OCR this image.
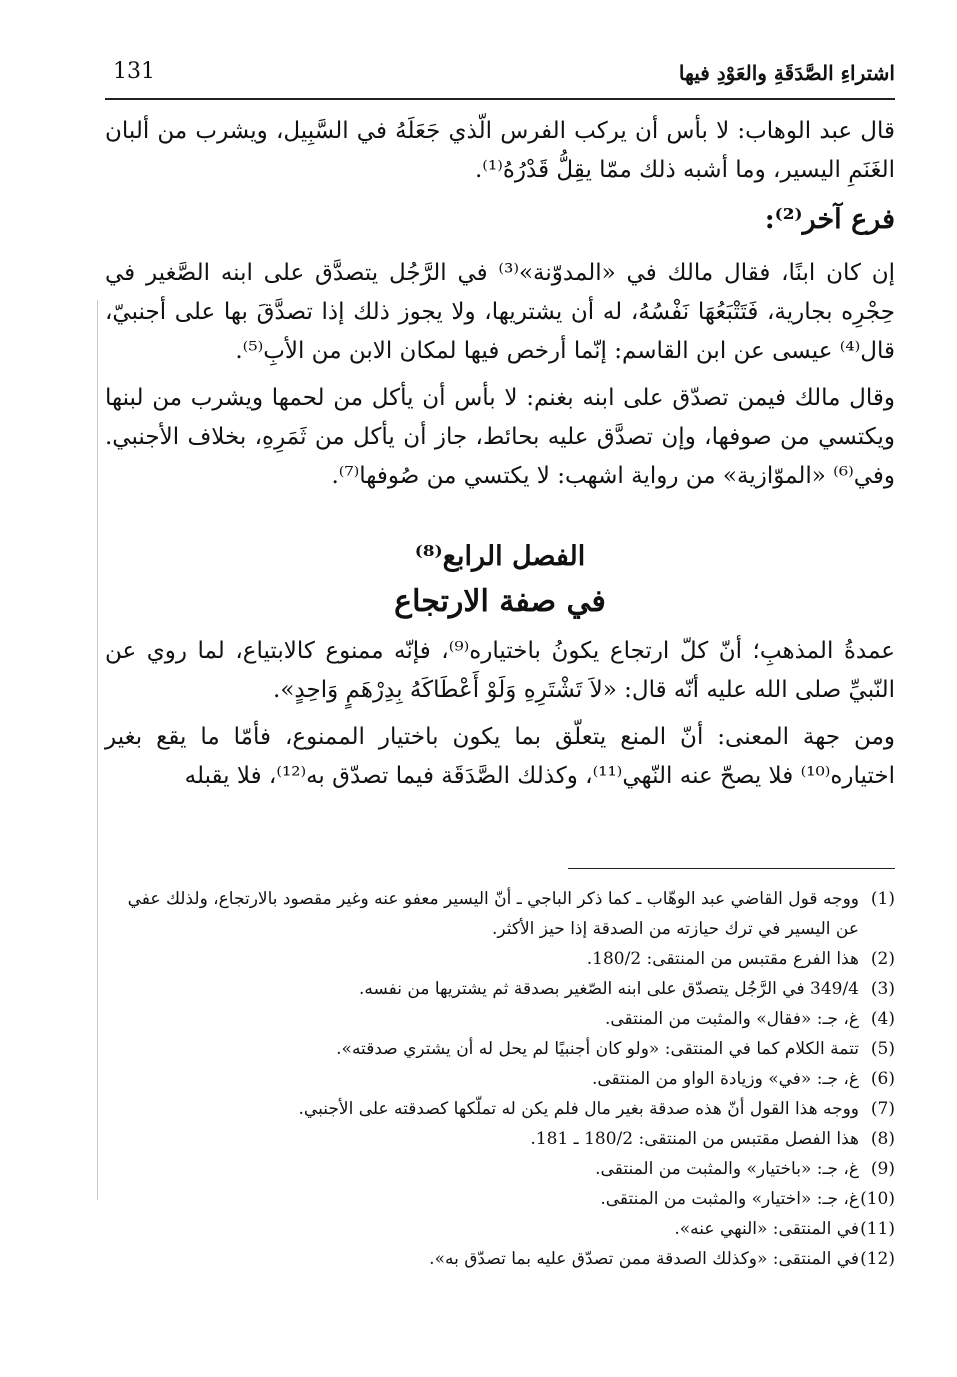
اشتراءِ الصَّدَقَةِ والعَوْدِ فيها
131

قال عبد الوهاب: لا بأس أن يركب الفرس الّذي جَعَلَهُ في السَّبِيل، ويشرب من ألبان الغَنَمِ اليسير، وما أشبه ذلك ممّا يقِلُّ قَدْرُهُ⁽¹⁾.

فرع آخر⁽²⁾:

إن كان ابنًا، فقال مالك في «المدوّنة»⁽³⁾ في الرَّجُل يتصدَّق على ابنه الصَّغير في حِجْرِه بجارية، فَتَتْبَعُهَا نَفْسُهُ، له أن يشتريها، ولا يجوز ذلك إذا تصدَّقَ بها على أجنبيّ، قال⁽⁴⁾ عيسى عن ابن القاسم: إنّما أرخص فيها لمكان الابن من الأبِ⁽⁵⁾.

وقال مالك فيمن تصدّق على ابنه بغنم: لا بأس أن يأكل من لحمها ويشرب من لبنها ويكتسي من صوفها، وإن تصدَّق عليه بحائط، جاز أن يأكل من ثَمَرِهِ، بخلاف الأجنبي. وفي⁽⁶⁾ «الموّازية» من رواية اشهب: لا يكتسي من صُوفها⁽⁷⁾.

الفصل الرابع⁽⁸⁾
في صفة الارتجاع

عمدةُ المذهبِ؛ أنّ كلّ ارتجاع يكونُ باختياره⁽⁹⁾، فإنّه ممنوع كالابتياع، لما روي عن النّبيِّ صلى الله عليه أنّه قال: «لاَ تَشْتَرِهِ وَلَوْ أَعْطَاكَهُ بِدِرْهَمٍ وَاحِدٍ».

ومن جهة المعنى: أنّ المنع يتعلّق بما يكون باختيار الممنوع، فأمّا ما يقع بغير اختياره⁽¹⁰⁾ فلا يصحّ عنه النّهي⁽¹¹⁾، وكذلك الصَّدَقَة فيما تصدّق به⁽¹²⁾، فلا يقبله

(1)
ووجه قول القاضي عبد الوهّاب ـ كما ذكر الباجي ـ أنّ اليسير معفو عنه وغير مقصود بالارتجاع، ولذلك عفي عن اليسير في ترك حيازته من الصدقة إذا حيز الأكثر.
(2)
هذا الفرع مقتبس من المنتقى: 180/2.
(3)
349/4 في الرَّجُل يتصدّق على ابنه الصّغير بصدقة ثم يشتريها من نفسه.
(4)
غ، جـ: «فقال» والمثبت من المنتقى.
(5)
تتمة الكلام كما في المنتقى: «ولو كان أجنبيًا لم يحل له أن يشتري صدقته».
(6)
غ، جـ: «في» وزيادة الواو من المنتقى.
(7)
ووجه هذا القول أنّ هذه صدقة بغير مال فلم يكن له تملّكها كصدقته على الأجنبي.
(8)
هذا الفصل مقتبس من المنتقى: 180/2 ـ 181.
(9)
غ، جـ: «باختيار» والمثبت من المنتقى.
(10)
غ، جـ: «اختيار» والمثبت من المنتقى.
(11)
في المنتقى: «النهي عنه».
(12)
في المنتقى: «وكذلك الصدقة ممن تصدّق عليه بما تصدّق به».
